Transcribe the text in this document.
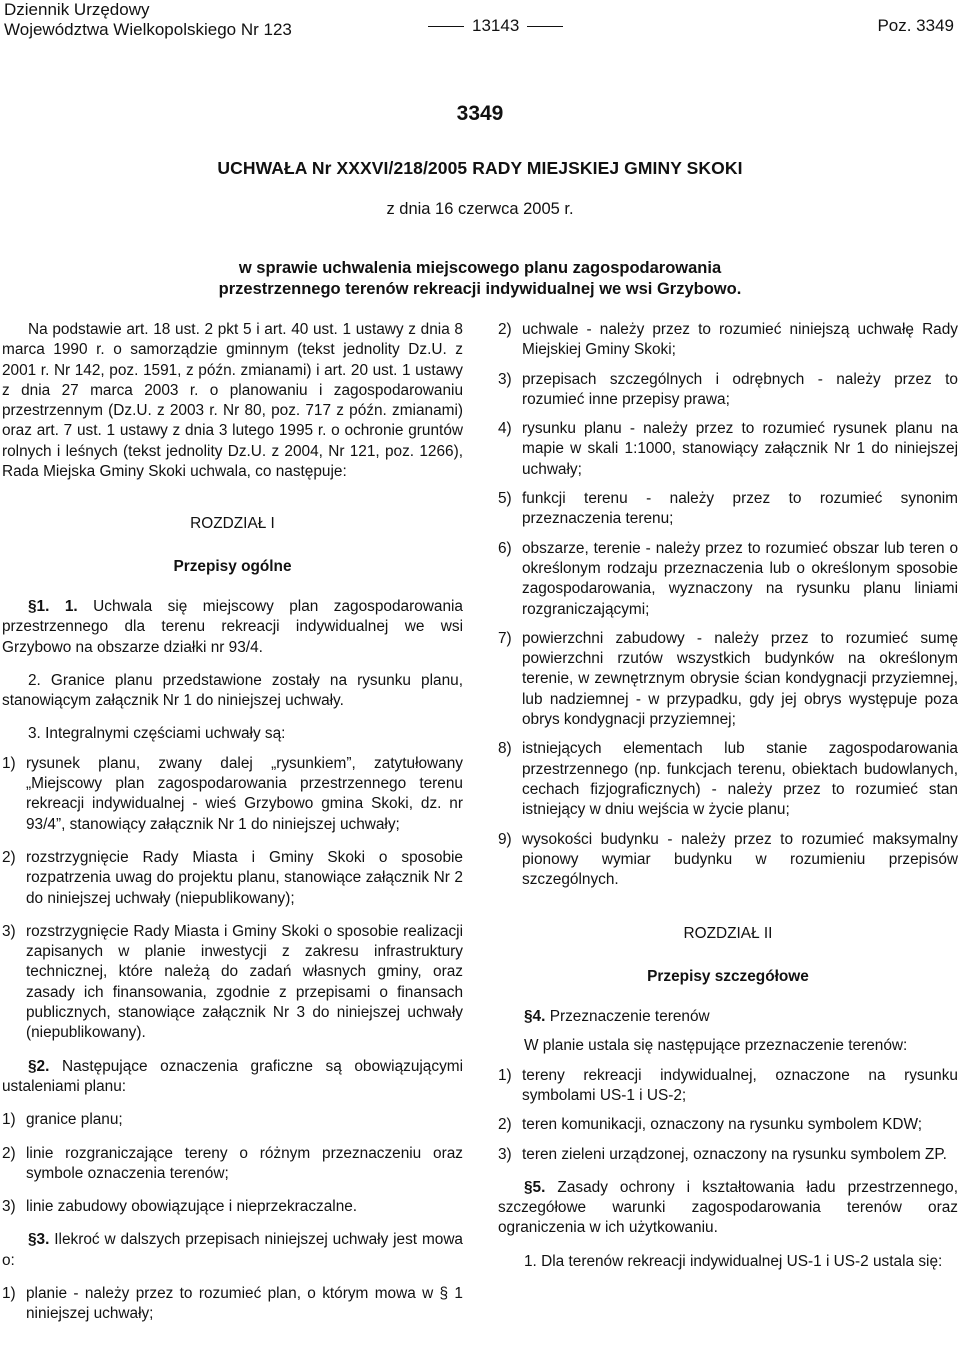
Dziennik Urzędowy
Województwa Wielkopolskiego Nr 123	13143	Poz. 3349
3349
UCHWAŁA Nr XXXVI/218/2005 RADY MIEJSKIEJ GMINY SKOKI
z dnia 16 czerwca 2005 r.
w sprawie uchwalenia miejscowego planu zagospodarowania
przestrzennego terenów rekreacji indywidualnej we wsi Grzybowo.

Na podstawie art. 18 ust. 2 pkt 5 i art. 40 ust. 1 ustawy z dnia 8 marca 1990 r. o samorządzie gminnym (tekst jednolity Dz.U. z 2001 r. Nr 142, poz. 1591, z późn. zmianami) i art. 20 ust. 1 ustawy z dnia 27 marca 2003 r. o planowaniu i zagospodarowaniu przestrzennym (Dz.U. z 2003 r. Nr 80, poz. 717 z późn. zmianami) oraz art. 7 ust. 1 ustawy z dnia 3 lutego 1995 r. o ochronie gruntów rolnych i leśnych (tekst jednolity Dz.U. z 2004, Nr 121, poz. 1266), Rada Miejska Gminy Skoki uchwala, co następuje:

ROZDZIAŁ I

Przepisy ogólne

§1. 1. Uchwala się miejscowy plan zagospodarowania przestrzennego dla terenu rekreacji indywidualnej we wsi Grzybowo na obszarze działki nr 93/4.

2. Granice planu przedstawione zostały na rysunku planu, stanowiącym załącznik Nr 1 do niniejszej uchwały.

3. Integralnymi częściami uchwały są:

1) rysunek planu, zwany dalej „rysunkiem”, zatytułowany „Miejscowy plan zagospodarowania przestrzennego terenu rekreacji indywidualnej - wieś Grzybowo gmina Skoki, dz. nr 93/4”, stanowiący załącznik Nr 1 do niniejszej uchwały;
2) rozstrzygnięcie Rady Miasta i Gminy Skoki o sposobie rozpatrzenia uwag do projektu planu, stanowiące załącznik Nr 2 do niniejszej uchwały (niepublikowany);
3) rozstrzygnięcie Rady Miasta i Gminy Skoki o sposobie realizacji zapisanych w planie inwestycji z zakresu infrastruktury technicznej, które należą do zadań własnych gminy, oraz zasady ich finansowania, zgodnie z przepisami o finansach publicznych, stanowiące załącznik Nr 3 do niniejszej uchwały (niepublikowany).

§2. Następujące oznaczenia graficzne są obowiązującymi ustaleniami planu:

1) granice planu;
2) linie rozgraniczające tereny o różnym przeznaczeniu oraz symbole oznaczenia terenów;
3) linie zabudowy obowiązujące i nieprzekraczalne.

§3. Ilekroć w dalszych przepisach niniejszej uchwały jest mowa o:

1) planie - należy przez to rozumieć plan, o którym mowa w § 1 niniejszej uchwały;
2) uchwale - należy przez to rozumieć niniejszą uchwałę Rady Miejskiej Gminy Skoki;
3) przepisach szczególnych i odrębnych - należy przez to rozumieć inne przepisy prawa;
4) rysunku planu - należy przez to rozumieć rysunek planu na mapie w skali 1:1000, stanowiący załącznik Nr 1 do niniejszej uchwały;
5) funkcji terenu - należy przez to rozumieć synonim przeznaczenia terenu;
6) obszarze, terenie - należy przez to rozumieć obszar lub teren o określonym rodzaju przeznaczenia lub o określonym sposobie zagospodarowania, wyznaczony na rysunku planu liniami rozgraniczającymi;
7) powierzchni zabudowy - należy przez to rozumieć sumę powierzchni rzutów wszystkich budynków na określonym terenie, w zewnętrznym obrysie ścian kondygnacji przyziemnej, lub nadziemnej - w przypadku, gdy jej obrys występuje poza obrys kondygnacji przyziemnej;
8) istniejących elementach lub stanie zagospodarowania przestrzennego (np. funkcjach terenu, obiektach budowlanych, cechach fizjograficznych) - należy przez to rozumieć stan istniejący w dniu wejścia w życie planu;
9) wysokości budynku - należy przez to rozumieć maksymalny pionowy wymiar budynku w rozumieniu przepisów szczególnych.

ROZDZIAŁ II

Przepisy szczegółowe

§4. Przeznaczenie terenów

W planie ustala się następujące przeznaczenie terenów:

1) tereny rekreacji indywidualnej, oznaczone na rysunku symbolami US-1 i US-2;
2) teren komunikacji, oznaczony na rysunku symbolem KDW;
3) teren zieleni urządzonej, oznaczony na rysunku symbolem ZP.

§5. Zasady ochrony i kształtowania ładu przestrzennego, szczegółowe warunki zagospodarowania terenów oraz ograniczenia w ich użytkowaniu.

1. Dla terenów rekreacji indywidualnej US-1 i US-2 ustala się:
